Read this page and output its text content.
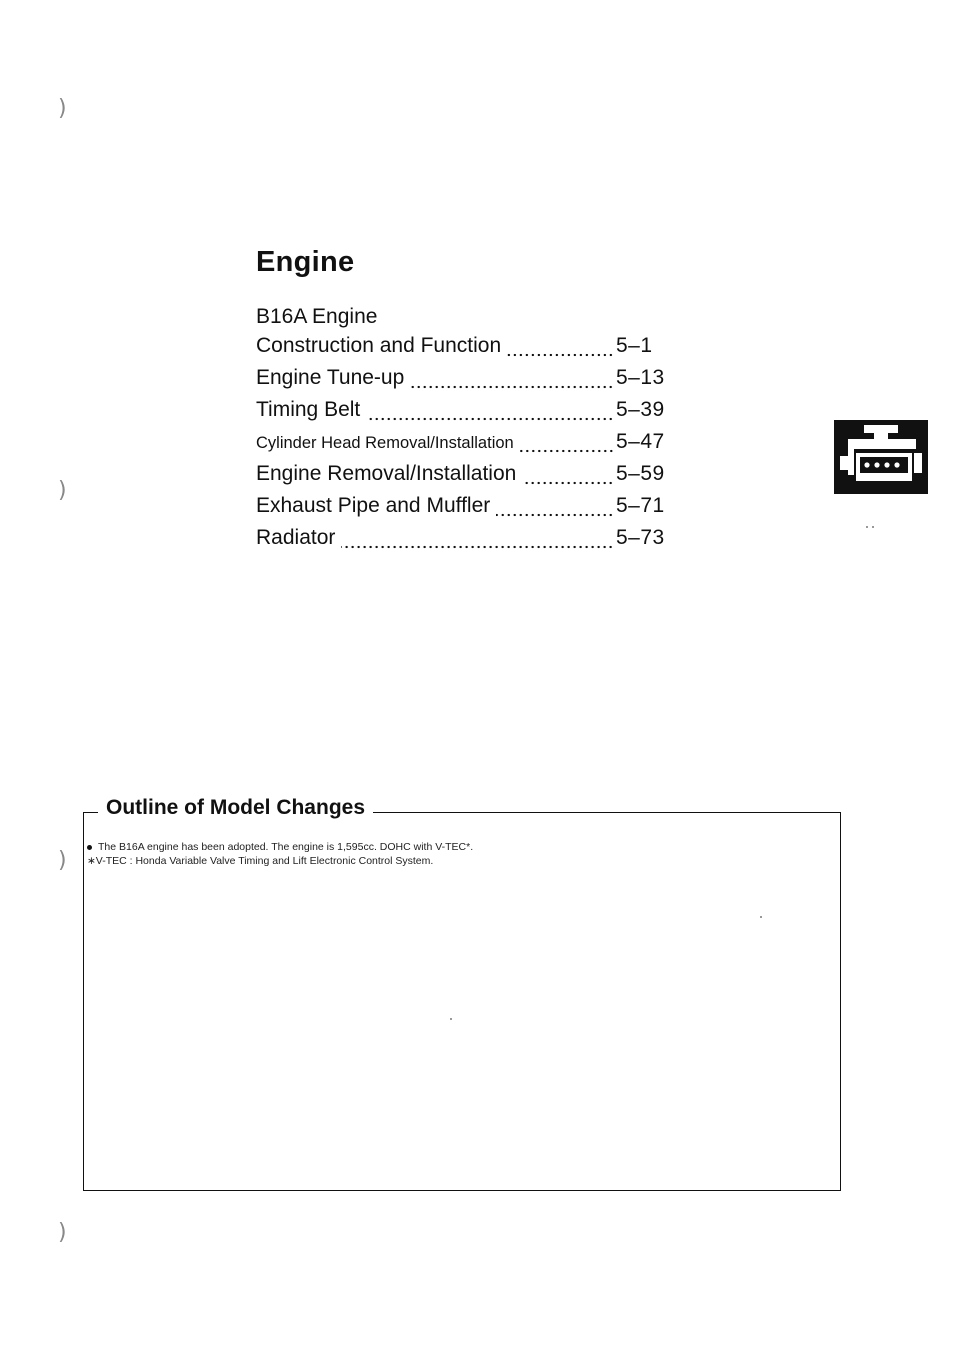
)
)
)
)
Engine
B16A Engine
Construction and Function	5–1
Engine Tune-up	5–13
Timing Belt	5–39
Cylinder Head Removal/Installation	5–47
Engine Removal/Installation	5–59
Exhaust Pipe and Muffler	5–71
Radiator	5–73
Outline of Model Changes
The B16A engine has been adopted. The engine is 1,595cc. DOHC with V-TEC*.
∗V-TEC : Honda Variable Valve Timing and Lift Electronic Control System.
